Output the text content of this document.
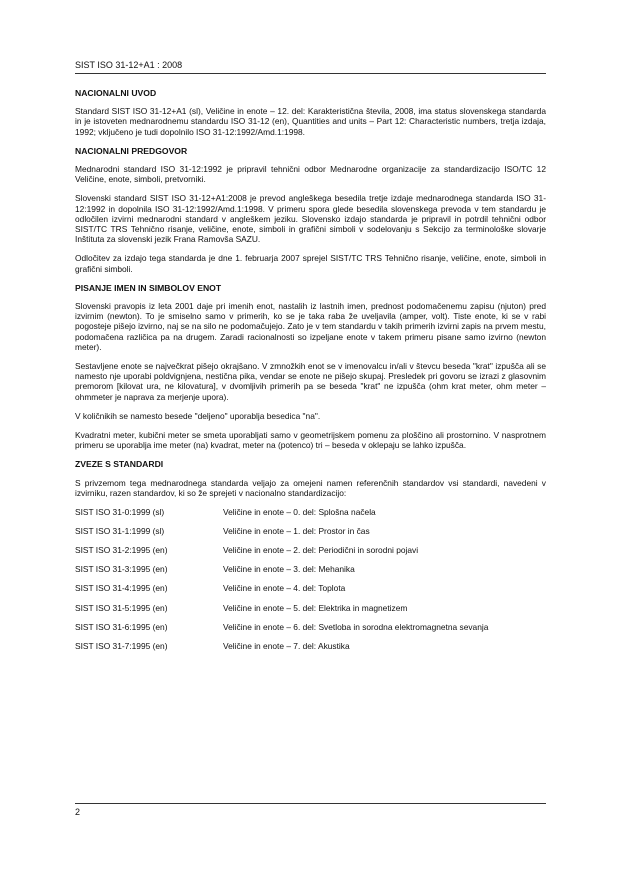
SIST ISO 31-12+A1 : 2008
NACIONALNI UVOD
Standard SIST ISO 31-12+A1 (sl), Veličine in enote – 12. del: Karakteristična števila, 2008, ima status slovenskega standarda in je istoveten mednarodnemu standardu ISO 31-12 (en), Quantities and units – Part 12: Characteristic numbers, tretja izdaja, 1992; vključeno je tudi dopolnilo ISO 31-12:1992/Amd.1:1998.
NACIONALNI PREDGOVOR
Mednarodni standard ISO 31-12:1992 je pripravil tehnični odbor Mednarodne organizacije za standardizacijo ISO/TC 12 Veličine, enote, simboli, pretvorniki.
Slovenski standard SIST ISO 31-12+A1:2008 je prevod angleškega besedila tretje izdaje mednarodnega standarda ISO 31-12:1992 in dopolnila ISO 31-12:1992/Amd.1:1998. V primeru spora glede besedila slovenskega prevoda v tem standardu je odločilen izvirni mednarodni standard v angleškem jeziku. Slovensko izdajo standarda je pripravil in potrdil tehnični odbor SIST/TC TRS Tehnično risanje, veličine, enote, simboli in grafični simboli v sodelovanju s Sekcijo za terminološke slovarje Inštituta za slovenski jezik Frana Ramovša SAZU.
Odločitev za izdajo tega standarda je dne 1. februarja 2007 sprejel SIST/TC TRS Tehnično risanje, veličine, enote, simboli in grafični simboli.
PISANJE IMEN IN SIMBOLOV ENOT
Slovenski pravopis iz leta 2001 daje pri imenih enot, nastalih iz lastnih imen, prednost podomačenemu zapisu (njuton) pred izvirnim (newton). To je smiselno samo v primerih, ko se je taka raba že uveljavila (amper, volt). Tiste enote, ki se v rabi pogosteje pišejo izvirno, naj se na silo ne podomačujejo. Zato je v tem standardu v takih primerih izvirni zapis na prvem mestu, podomačena različica pa na drugem. Zaradi racionalnosti so izpeljane enote v takem primeru pisane samo izvirno (newton meter).
Sestavljene enote se največkrat pišejo okrajšano. V zmnožkih enot se v imenovalcu in/ali v števcu beseda "krat" izpušča ali se namesto nje uporabi poldvignjena, nestična pika, vendar se enote ne pišejo skupaj. Presledek pri govoru se izrazi z glasovnim premorom [kilovat ura, ne kilovatura], v dvomljivih primerih pa se beseda "krat" ne izpušča (ohm krat meter, ohm meter – ohmmeter je naprava za merjenje upora).
V količnikih se namesto besede "deljeno" uporablja besedica "na".
Kvadratni meter, kubični meter se smeta uporabljati samo v geometrijskem pomenu za ploščino ali prostornino. V nasprotnem primeru se uporablja ime meter (na) kvadrat, meter na (potenco) tri – beseda v oklepaju se lahko izpušča.
ZVEZE S STANDARDI
S privzemom tega mednarodnega standarda veljajo za omejeni namen referenčnih standardov vsi standardi, navedeni v izvirniku, razen standardov, ki so že sprejeti v nacionalno standardizacijo:
SIST ISO 31-0:1999 (sl)	Veličine in enote – 0. del: Splošna načela
SIST ISO 31-1:1999 (sl)	Veličine in enote – 1. del: Prostor in čas
SIST ISO 31-2:1995 (en)	Veličine in enote – 2. del: Periodični in sorodni pojavi
SIST ISO 31-3:1995 (en)	Veličine in enote – 3. del: Mehanika
SIST ISO 31-4:1995 (en)	Veličine in enote – 4. del: Toplota
SIST ISO 31-5:1995 (en)	Veličine in enote – 5. del: Elektrika in magnetizem
SIST ISO 31-6:1995 (en)	Veličine in enote – 6. del: Svetloba in sorodna elektromagnetna sevanja
SIST ISO 31-7:1995 (en)	Veličine in enote – 7. del: Akustika
2
